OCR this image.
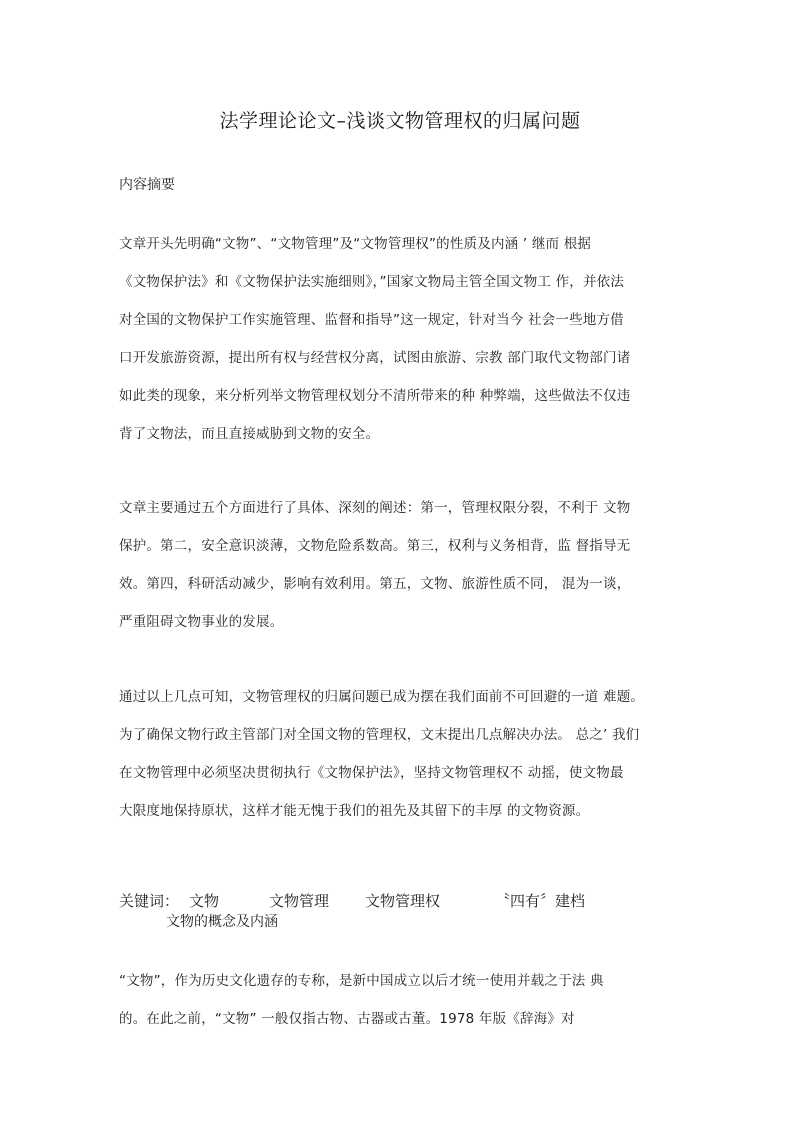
法学理论论文–浅谈文物管理权的归属问题
内容摘要

文章开头先明确“文物”、“文物管理”及“文物管理权”的性质及内涵 ’ 继而 根据
《文物保护法》和《文物保护法实施细则》，”国家文物局主管全国文物工 作，并依法
对全国的文物保护工作实施管理、监督和指导”这一规定，针对当今 社会一些地方借
口开发旅游资源，提出所有权与经营权分离，试图由旅游、宗教 部门取代文物部门诸
如此类的现象，来分析列举文物管理权划分不清所带来的种 种弊端，这些做法不仅违
背了文物法，而且直接威胁到文物的安全。

文章主要通过五个方面进行了具体、深刻的阐述：第一，管理权限分裂，不利于 文物
保护。第二，安全意识淡薄，文物危险系数高。第三，权利与义务相背，监 督指导无
效。第四，科研活动减少，影响有效利用。第五，文物、旅游性质不同， 混为一谈，
严重阻碍文物事业的发展。

通过以上几点可知，文物管理权的归属问题已成为摆在我们面前不可回避的一道 难题。
为了确保文物行政主管部门对全国文物的管理权，文末提出几点解决办法。 总之’ 我们
在文物管理中必须坚决贯彻执行《文物保护法》，坚持文物管理权不 动摇，使文物最
大限度地保持原状，这样才能无愧于我们的祖先及其留下的丰厚 的文物资源。

关键词： 文物	文物管理 文物管理权	〝四有〞建档
文物的概念及内涵

“文物”，作为历史文化遗存的专称，是新中国成立以后才统一使用并载之于法 典
的。在此之前，“文物” 一般仅指古物、古器或古董。1978 年版《辞海》对
